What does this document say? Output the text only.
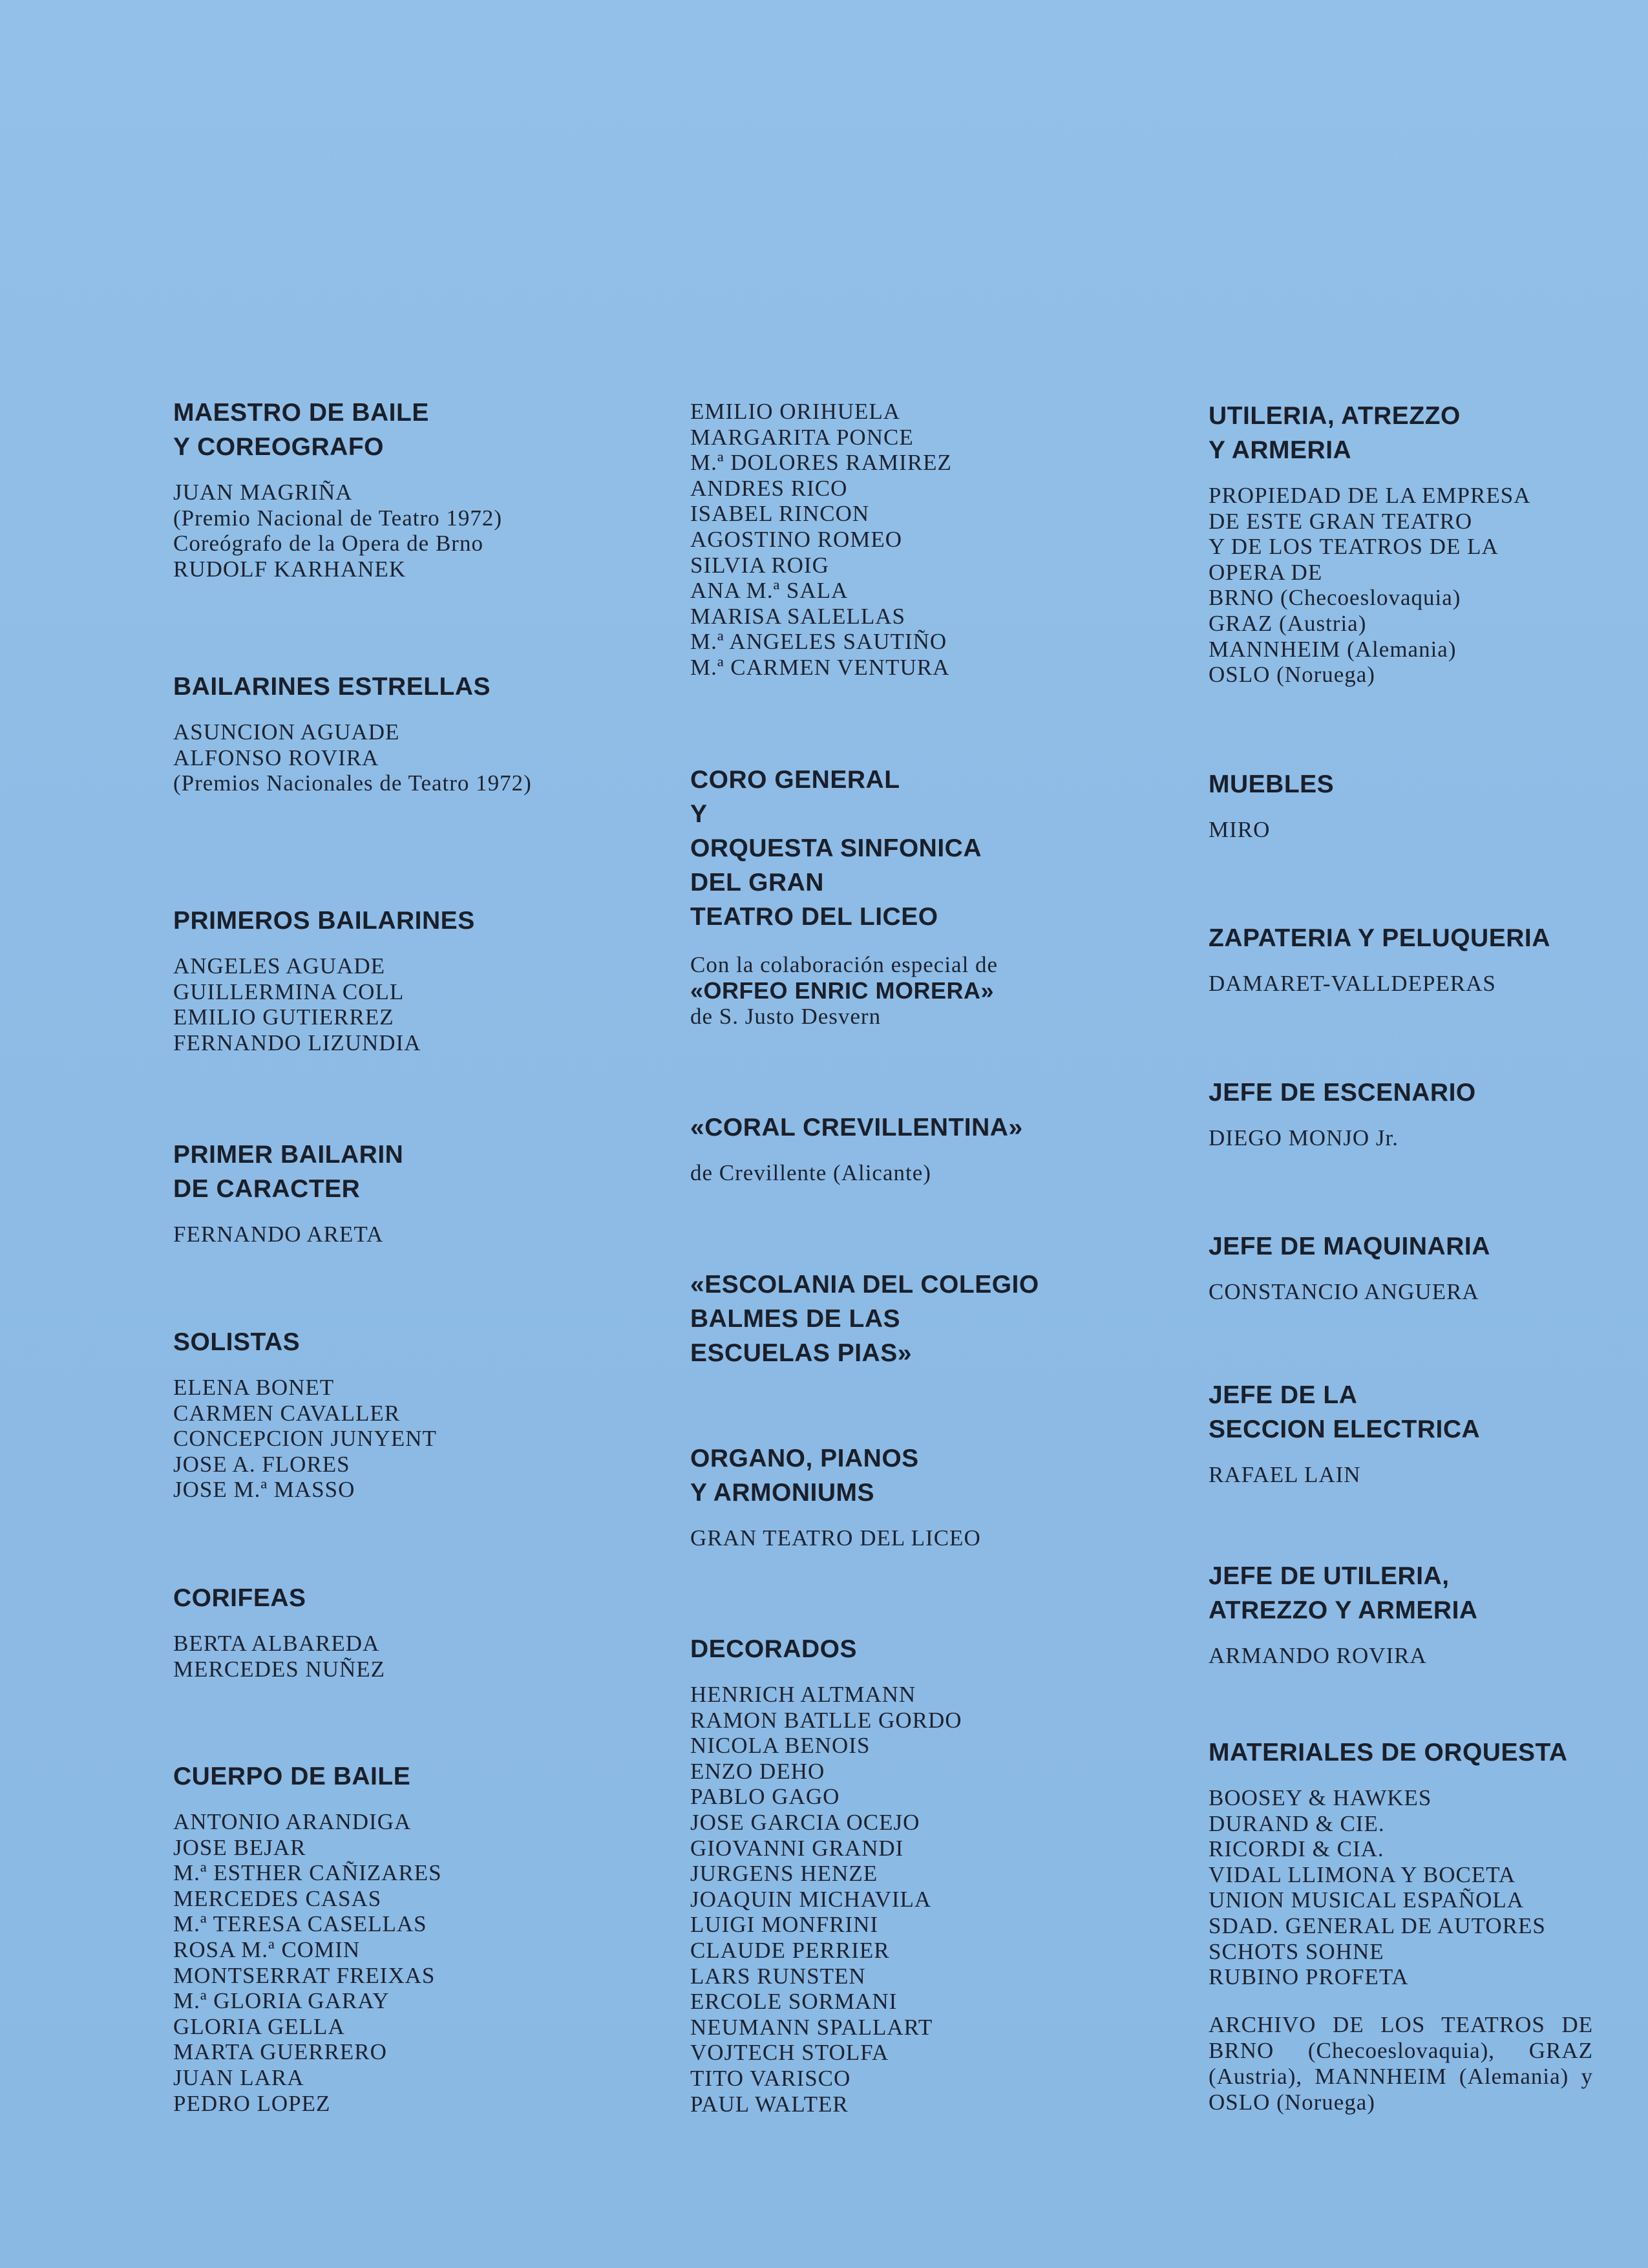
MAESTRO DE BAILE
Y COREOGRAFO

JUAN MAGRIÑA
(Premio Nacional de Teatro 1972)
Coreógrafo de la Opera de Brno
RUDOLF KARHANEK

BAILARINES ESTRELLAS

ASUNCION AGUADE
ALFONSO ROVIRA

(Premios Nacionales de Teatro 1972)

PRIMEROS BAILARINES

ANGELES AGUADE
GUILLERMINA COLL
EMILIO GUTIERREZ
FERNANDO LIZUNDIA

PRIMER BAILARIN
DE CARACTER

FERNANDO ARETA

SOLISTAS

ELENA BONET
CARMEN CAVALLER
CONCEPCION JUNYENT
JOSE A. FLORES
JOSE M.ª MASSO

CORIFEAS

BERTA ALBAREDA
MERCEDES NUÑEZ

CUERPO DE BAILE

ANTONIO ARANDIGA
JOSE BEJAR
M.ª ESTHER CAÑIZARES
MERCEDES CASAS
M.ª TERESA CASELLAS
ROSA M.ª COMIN
MONTSERRAT FREIXAS
M.ª GLORIA GARAY
GLORIA GELLA
MARTA GUERRERO
JUAN LARA
PEDRO LOPEZ
EMILIO ORIHUELA
MARGARITA PONCE
M.ª DOLORES RAMIREZ
ANDRES RICO
ISABEL RINCON
AGOSTINO ROMEO
SILVIA ROIG
ANA M.ª SALA
MARISA SALELLAS
M.ª ANGELES SAUTIÑO
M.ª CARMEN VENTURA

CORO GENERAL
Y
ORQUESTA SINFONICA
DEL GRAN
TEATRO DEL LICEO

Con la colaboración especial de

«ORFEO ENRIC MORERA»

de S. Justo Desvern

«CORAL CREVILLENTINA»

de Crevillente (Alicante)

«ESCOLANIA DEL COLEGIO
BALMES DE LAS
ESCUELAS PIAS»

ORGANO, PIANOS
Y ARMONIUMS

GRAN TEATRO DEL LICEO

DECORADOS

HENRICH ALTMANN
RAMON BATLLE GORDO
NICOLA BENOIS
ENZO DEHO
PABLO GAGO
JOSE GARCIA OCEJO
GIOVANNI GRANDI
JURGENS HENZE
JOAQUIN MICHAVILA
LUIGI MONFRINI
CLAUDE PERRIER
LARS RUNSTEN
ERCOLE SORMANI
NEUMANN SPALLART
VOJTECH STOLFA
TITO VARISCO
PAUL WALTER

UTILERIA, ATREZZO
Y ARMERIA

PROPIEDAD DE LA EMPRESA
DE ESTE GRAN TEATRO
Y DE LOS TEATROS DE LA
OPERA DE
BRNO (Checoeslovaquia)
GRAZ (Austria)
MANNHEIM (Alemania)
OSLO (Noruega)

MUEBLES

MIRO

ZAPATERIA Y PELUQUERIA

DAMARET-VALLDEPERAS

JEFE DE ESCENARIO

DIEGO MONJO Jr.

JEFE DE MAQUINARIA

CONSTANCIO ANGUERA

JEFE DE LA
SECCION ELECTRICA

RAFAEL LAIN

JEFE DE UTILERIA,
ATREZZO Y ARMERIA

ARMANDO ROVIRA

MATERIALES DE ORQUESTA

BOOSEY & HAWKES
DURAND & CIE.
RICORDI & CIA.
VIDAL LLIMONA Y BOCETA
UNION MUSICAL ESPAÑOLA
SDAD. GENERAL DE AUTORES
SCHOTS SOHNE
RUBINO PROFETA

ARCHIVO DE LOS TEATROS DE BRNO (Checoeslovaquia), GRAZ (Austria), MANNHEIM (Alemania) y OSLO (Noruega)
